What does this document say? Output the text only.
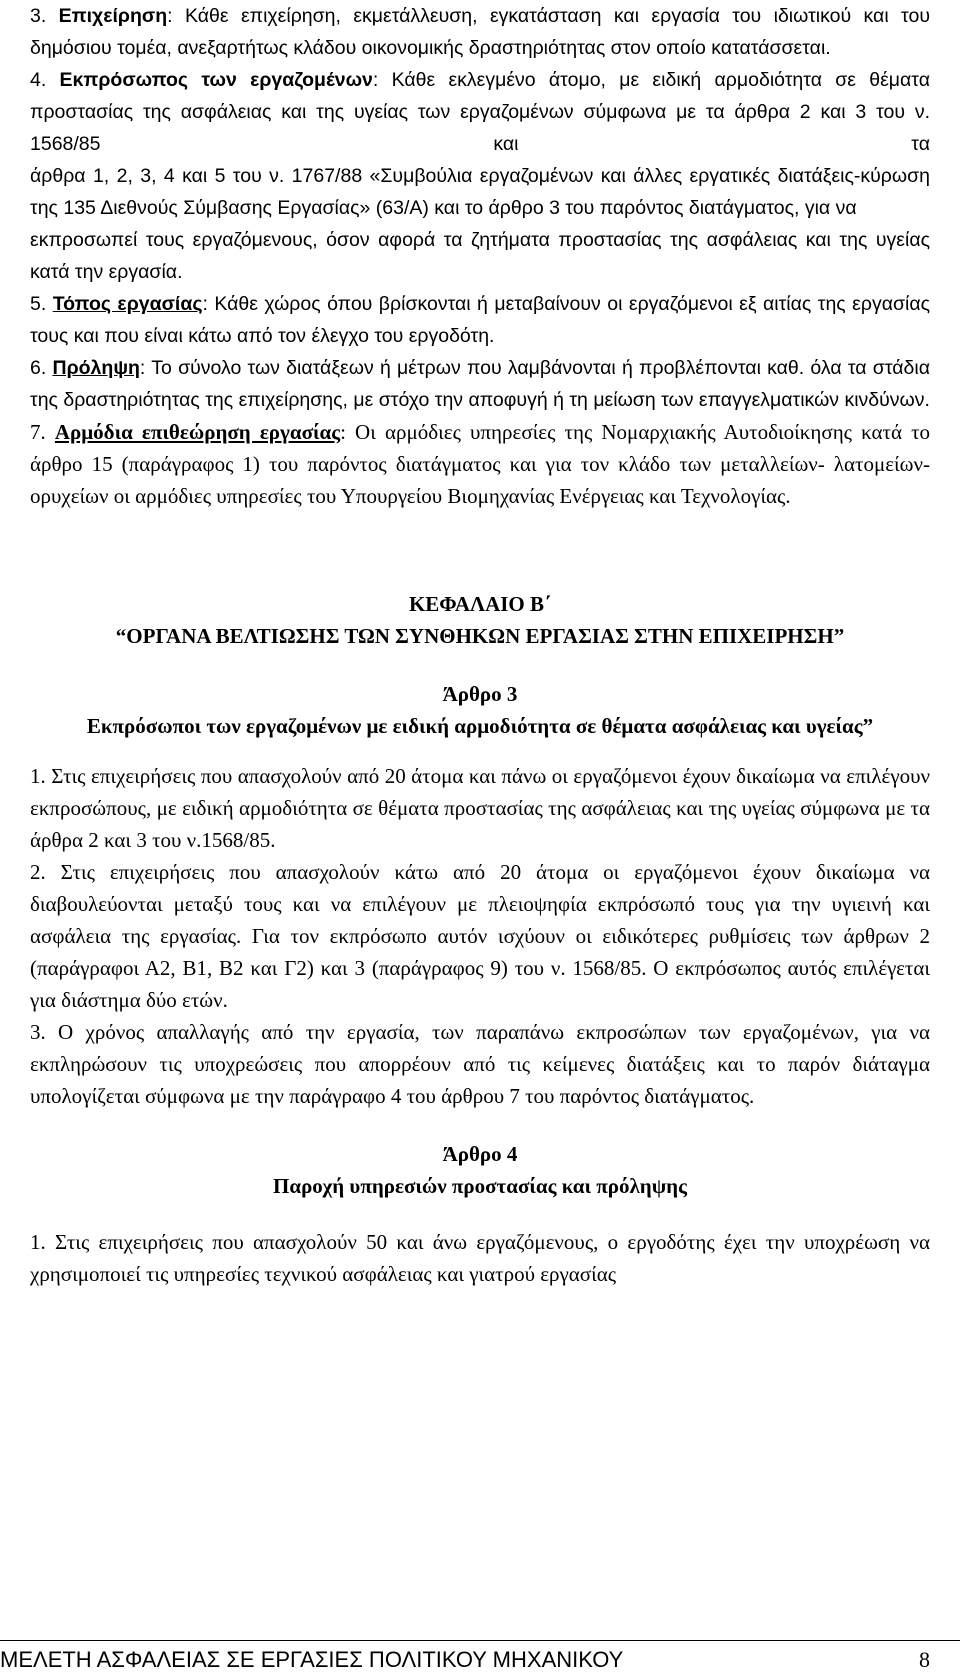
3. Επιχείρηση: Κάθε επιχείρηση, εκμετάλλευση, εγκατάσταση και εργασία του ιδιωτικού και του δημόσιου τομέα, ανεξαρτήτως κλάδου οικονομικής δραστηριότητας στον οποίο κατατάσσεται.

4. Εκπρόσωπος των εργαζομένων: Κάθε εκλεγμένο άτομο, με ειδική αρμοδιότητα σε θέματα προστασίας της ασφάλειας και της υγείας των εργαζομένων σύμφωνα με τα άρθρα 2 και 3 του ν. 1568/85 και τα

άρθρα 1, 2, 3, 4 και 5 του ν. 1767/88 «Συμβούλια εργαζομένων και άλλες εργατικές διατάξεις-κύρωση της 135 Διεθνούς Σύμβασης Εργασίας» (63/Α) και το άρθρο 3 του παρόντος διατάγματος, για να

εκπροσωπεί τους εργαζόμενους, όσον αφορά τα ζητήματα προστασίας της ασφάλειας και της υγείας κατά την εργασία.

5. Τόπος εργασίας: Κάθε χώρος όπου βρίσκονται ή μεταβαίνουν οι εργαζόμενοι εξ αιτίας της εργασίας τους και που είναι κάτω από τον έλεγχο του εργοδότη.

6. Πρόληψη: Το σύνολο των διατάξεων ή μέτρων που λαμβάνονται ή προβλέπονται καθ. όλα τα στάδια της δραστηριότητας της επιχείρησης, με στόχο την αποφυγή ή τη μείωση των επαγγελματικών κινδύνων.

7. Αρμόδια επιθεώρηση εργασίας: Οι αρμόδιες υπηρεσίες της Νομαρχιακής Αυτοδιοίκησης κατά το άρθρο 15 (παράγραφος 1) του παρόντος διατάγματος και για τον κλάδο των μεταλλείων- λατομείων-

ορυχείων οι αρμόδιες υπηρεσίες του Υπουργείου Βιομηχανίας Ενέργειας και Τεχνολογίας.

ΚΕΦΑΛΑΙΟ Β΄

“ΟΡΓΑΝΑ ΒΕΛΤΙΩΣΗΣ ΤΩΝ ΣΥΝΘΗΚΩΝ ΕΡΓΑΣΙΑΣ ΣΤΗΝ ΕΠΙΧΕΙΡΗΣΗ”

Άρθρο 3

Εκπρόσωποι των εργαζομένων με ειδική αρμοδιότητα σε θέματα ασφάλειας και υγείας”

1. Στις επιχειρήσεις που απασχολούν από 20 άτομα και πάνω οι εργαζόμενοι έχουν δικαίωμα να επιλέγουν εκπροσώπους, με ειδική αρμοδιότητα σε θέματα προστασίας της ασφάλειας και της υγείας σύμφωνα με τα άρθρα 2 και 3 του ν.1568/85.

2. Στις επιχειρήσεις που απασχολούν κάτω από 20 άτομα οι εργαζόμενοι έχουν δικαίωμα να διαβουλεύονται μεταξύ τους και να επιλέγουν με πλειοψηφία εκπρόσωπό τους για την υγιεινή και ασφάλεια της εργασίας. Για τον εκπρόσωπο αυτόν ισχύουν οι ειδικότερες ρυθμίσεις των άρθρων 2 (παράγραφοι Α2, Β1, Β2 και Γ2) και 3 (παράγραφος 9) του ν. 1568/85. Ο εκπρόσωπος αυτός επιλέγεται για διάστημα δύο ετών.

3. Ο χρόνος απαλλαγής από την εργασία, των παραπάνω εκπροσώπων των εργαζομένων, για να εκπληρώσουν τις υποχρεώσεις που απορρέουν από τις κείμενες διατάξεις και το παρόν διάταγμα υπολογίζεται σύμφωνα με την παράγραφο 4 του άρθρου 7 του παρόντος διατάγματος.

Άρθρο 4

Παροχή υπηρεσιών προστασίας και πρόληψης

1. Στις επιχειρήσεις που απασχολούν 50 και άνω εργαζόμενους, ο εργοδότης έχει την υποχρέωση να χρησιμοποιεί τις υπηρεσίες τεχνικού ασφάλειας και γιατρού εργασίας

ΜΕΛΕΤΗ ΑΣΦΑΛΕΙΑΣ ΣΕ ΕΡΓΑΣΙΕΣ ΠΟΛΙΤΙΚΟΥ ΜΗΧΑΝΙΚΟΥ	8
